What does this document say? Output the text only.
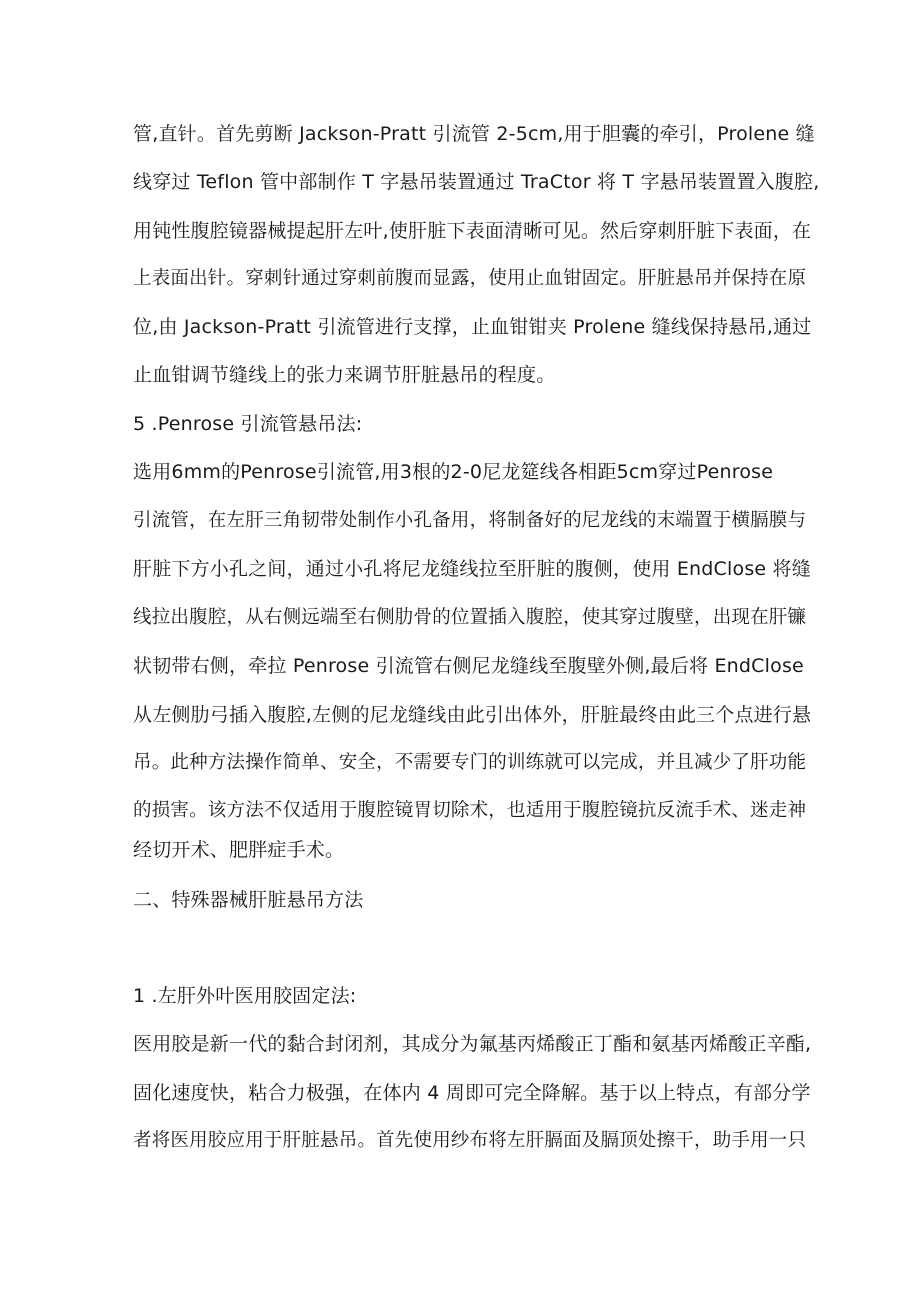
管,直针。首先剪断 Jackson-Pratt 引流管 2-5cm,用于胆囊的牵引，Prolene 缝
线穿过 Teflon 管中部制作 T 字悬吊装置通过 TraCtor 将 T 字悬吊装置置入腹腔,
用钝性腹腔镜器械提起肝左叶,使肝脏下表面清晰可见。然后穿刺肝脏下表面，在
上表面出针。穿刺针通过穿刺前腹而显露，使用止血钳固定。肝脏悬吊并保持在原
位,由 Jackson-Pratt 引流管进行支撑，止血钳钳夹 Prolene 缝线保持悬吊,通过
止血钳调节缝线上的张力来调节肝脏悬吊的程度。
5 .Penrose 引流管悬吊法:
选用6mm的Penrose引流管,用3根的2-0尼龙筵线各相距5cm穿过Penrose
引流管，在左肝三角韧带处制作小孔备用，将制备好的尼龙线的末端置于横膈膜与
肝脏下方小孔之间，通过小孔将尼龙缝线拉至肝脏的腹侧，使用 EndClose 将缝
线拉出腹腔，从右侧远端至右侧肋骨的位置插入腹腔，使其穿过腹壁，出现在肝镰
状韧带右侧，牵拉 Penrose 引流管右侧尼龙缝线至腹壁外侧,最后将 EndClose
从左侧肋弓插入腹腔,左侧的尼龙缝线由此引出体外，肝脏最终由此三个点进行悬
吊。此种方法操作简单、安全，不需要专门的训练就可以完成，并且减少了肝功能
的损害。该方法不仅适用于腹腔镜胃切除术，也适用于腹腔镜抗反流手术、迷走神
经切开术、肥胖症手术。
二、特殊器械肝脏悬吊方法
1 .左肝外叶医用胶固定法:
医用胶是新一代的黏合封闭剂，其成分为氟基丙烯酸正丁酯和氨基丙烯酸正辛酯,
固化速度快，粘合力极强，在体内 4 周即可完全降解。基于以上特点，有部分学
者将医用胶应用于肝脏悬吊。首先使用纱布将左肝膈面及膈顶处擦干，助手用一只
